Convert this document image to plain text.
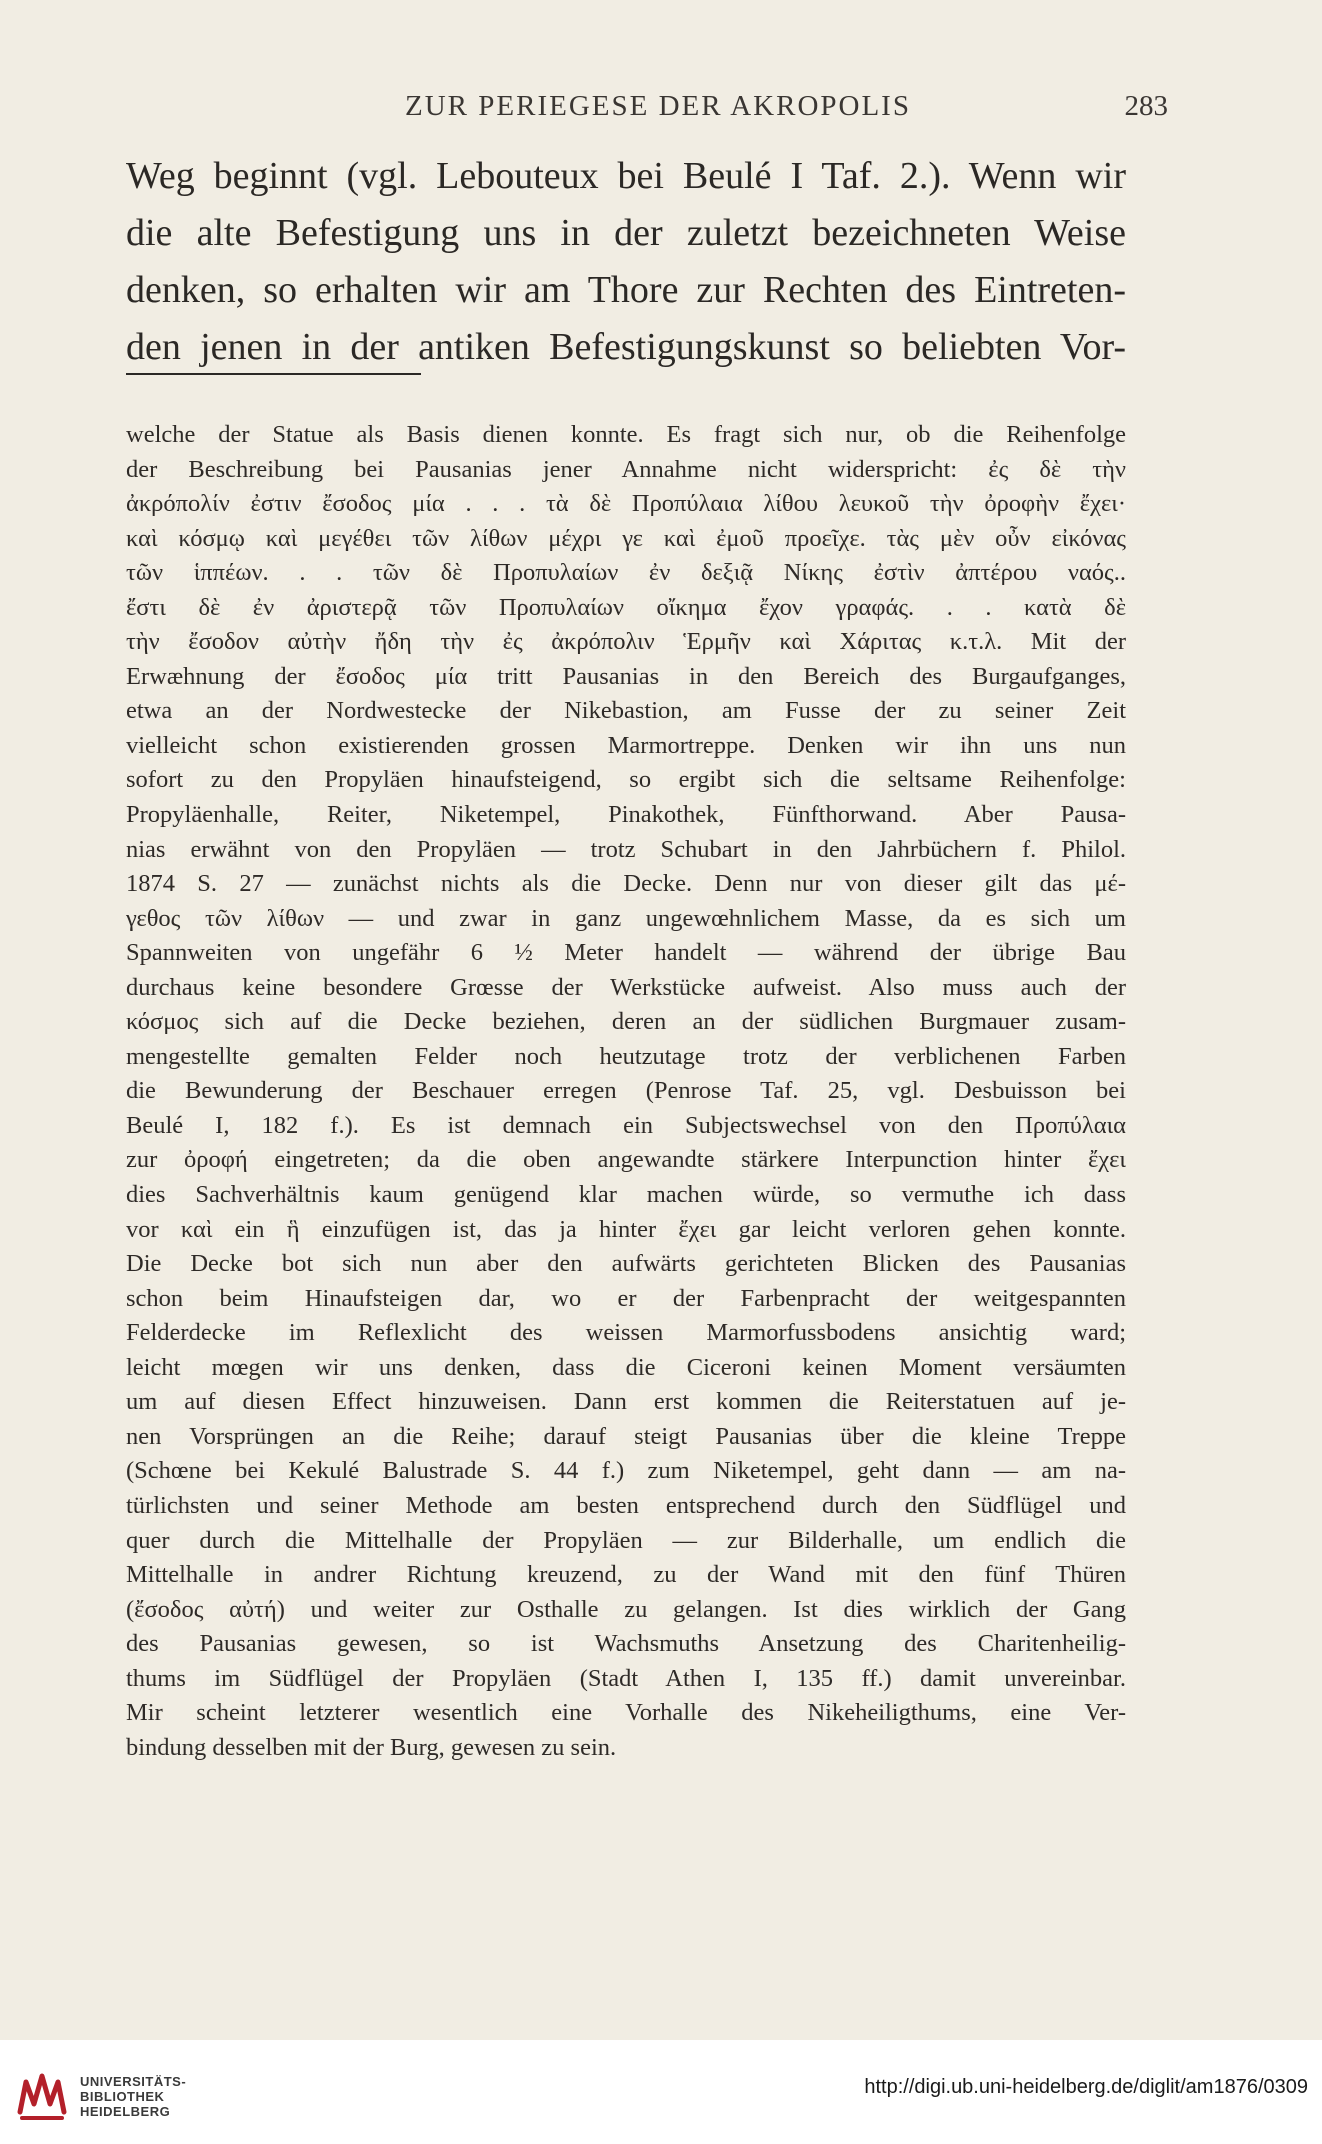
ZUR PERIEGESE DER AKROPOLIS	283
Weg beginnt (vgl. Lebouteux bei Beulé I Taf. 2.). Wenn wir
die alte Befestigung uns in der zuletzt bezeichneten Weise
denken, so erhalten wir am Thore zur Rechten des Eintreten-
den jenen in der antiken Befestigungskunst so beliebten Vor-
welche der Statue als Basis dienen konnte. Es fragt sich nur, ob die Reihenfolge
der Beschreibung bei Pausanias jener Annahme nicht widerspricht: ἐς δὲ τὴν
ἀκρόπολίν ἐστιν ἔσοδος μία . . . τὰ δὲ Προπύλαια λίθου λευκοῦ τὴν ὀροφὴν ἔχει·
καὶ κόσμῳ καὶ μεγέθει τῶν λίθων μέχρι γε καὶ ἐμοῦ προεῖχε. τὰς μὲν οὖν εἰκόνας
τῶν ἱππέων. . . τῶν δὲ Προπυλαίων ἐν δεξιᾷ Νίκης ἐστὶν ἀπτέρου ναός..
ἔστι δὲ ἐν ἀριστερᾷ τῶν Προπυλαίων οἴκημα ἔχον γραφάς. . . κατὰ δὲ
τὴν ἔσοδον αὐτὴν ἤδη τὴν ἐς ἀκρόπολιν Ἑρμῆν καὶ Χάριτας κ.τ.λ. Mit der
Erwæhnung der ἔσοδος μία tritt Pausanias in den Bereich des Burgaufganges,
etwa an der Nordwestecke der Nikebastion, am Fusse der zu seiner Zeit
vielleicht schon existierenden grossen Marmortreppe. Denken wir ihn uns nun
sofort zu den Propyläen hinaufsteigend, so ergibt sich die seltsame Reihenfolge:
Propyläenhalle, Reiter, Niketempel, Pinakothek, Fünfthorwand. Aber Pausa-
nias erwähnt von den Propyläen — trotz Schubart in den Jahrbüchern f. Philol.
1874 S. 27 — zunächst nichts als die Decke. Denn nur von dieser gilt das μέ-
γεθος τῶν λίθων — und zwar in ganz ungewœhnlichem Masse, da es sich um
Spannweiten von ungefähr 6 ½ Meter handelt — während der übrige Bau
durchaus keine besondere Grœsse der Werkstücke aufweist. Also muss auch der
κόσμος sich auf die Decke beziehen, deren an der südlichen Burgmauer zusam-
mengestellte gemalten Felder noch heutzutage trotz der verblichenen Farben
die Bewunderung der Beschauer erregen (Penrose Taf. 25, vgl. Desbuisson bei
Beulé I, 182 f.). Es ist demnach ein Subjectswechsel von den Προπύλαια
zur ὀροφή eingetreten; da die oben angewandte stärkere Interpunction hinter ἔχει
dies Sachverhältnis kaum genügend klar machen würde, so vermuthe ich dass
vor καὶ ein ἣ einzufügen ist, das ja hinter ἔχει gar leicht verloren gehen konnte.
Die Decke bot sich nun aber den aufwärts gerichteten Blicken des Pausanias
schon beim Hinaufsteigen dar, wo er der Farbenpracht der weitgespannten
Felderdecke im Reflexlicht des weissen Marmorfussbodens ansichtig ward;
leicht mœgen wir uns denken, dass die Ciceroni keinen Moment versäumten
um auf diesen Effect hinzuweisen. Dann erst kommen die Reiterstatuen auf je-
nen Vorsprüngen an die Reihe; darauf steigt Pausanias über die kleine Treppe
(Schœne bei Kekulé Balustrade S. 44 f.) zum Niketempel, geht dann — am na-
türlichsten und seiner Methode am besten entsprechend durch den Südflügel und
quer durch die Mittelhalle der Propyläen — zur Bilderhalle, um endlich die
Mittelhalle in andrer Richtung kreuzend, zu der Wand mit den fünf Thüren
(ἔσοδος αὐτή) und weiter zur Osthalle zu gelangen. Ist dies wirklich der Gang
des Pausanias gewesen, so ist Wachsmuths Ansetzung des Charitenheilig-
thums im Südflügel der Propyläen (Stadt Athen I, 135 ff.) damit unvereinbar.
Mir scheint letzterer wesentlich eine Vorhalle des Nikeheiligthums, eine Ver-
bindung desselben mit der Burg, gewesen zu sein.
UNIVERSITÄTS-
BIBLIOTHEK
HEIDELBERG
http://digi.ub.uni-heidelberg.de/diglit/am1876/0309
